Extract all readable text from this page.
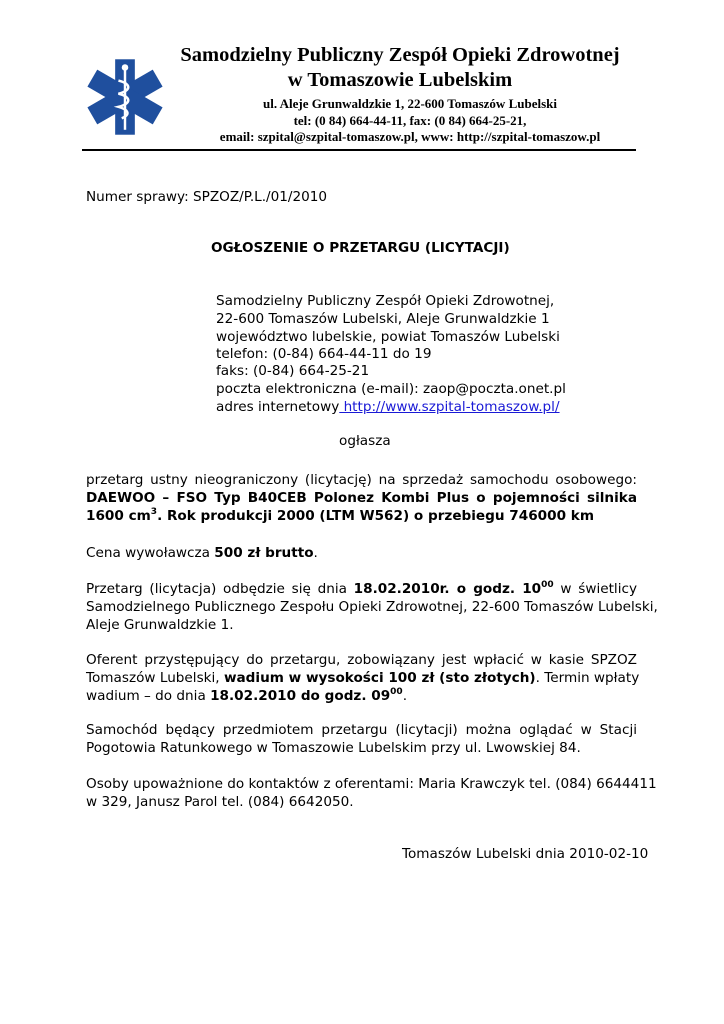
Samodzielny Publiczny Zespół Opieki Zdrowotnej
w Tomaszowie Lubelskim
ul. Aleje Grunwaldzkie 1, 22-600 Tomaszów Lubelski
tel: (0 84) 664-44-11, fax: (0 84) 664-25-21,
email: szpital@szpital-tomaszow.pl, www: http://szpital-tomaszow.pl
Numer sprawy: SPZOZ/P.L./01/2010
OGŁOSZENIE O PRZETARGU (LICYTACJI)
Samodzielny Publiczny Zespół Opieki Zdrowotnej,
22-600 Tomaszów Lubelski, Aleje Grunwaldzkie 1
województwo lubelskie, powiat Tomaszów Lubelski
telefon: (0-84) 664-44-11 do 19
faks: (0-84) 664-25-21
poczta elektroniczna (e-mail): zaop@poczta.onet.pl
adres internetowy http://www.szpital-tomaszow.pl/
ogłasza
przetarg ustny nieograniczony (licytację) na sprzedaż samochodu osobowego:
DAEWOO – FSO Typ B40CEB Polonez Kombi Plus o pojemności silnika
1600 $cm^3$. Rok produkcji 2000 (LTM W562) o przebiegu 746000 km
Cena wywoławcza 500 zł brutto.
Przetarg (licytacja) odbędzie się dnia 18.02.2010r. o godz. $10^{00}$ w świetlicy
Samodzielnego Publicznego Zespołu Opieki Zdrowotnej, 22-600 Tomaszów Lubelski,
Aleje Grunwaldzkie 1.
Oferent przystępujący do przetargu, zobowiązany jest wpłacić w kasie SPZOZ
Tomaszów Lubelski, wadium w wysokości 100 zł (sto złotych). Termin wpłaty
wadium – do dnia 18.02.2010 do godz. $09^{00}$.
Samochód będący przedmiotem przetargu (licytacji) można oglądać w Stacji
Pogotowia Ratunkowego w Tomaszowie Lubelskim przy ul. Lwowskiej 84.
Osoby upoważnione do kontaktów z oferentami: Maria Krawczyk tel. (084) 6644411
w 329, Janusz Parol tel. (084) 6642050.
Tomaszów Lubelski dnia 2010-02-10
